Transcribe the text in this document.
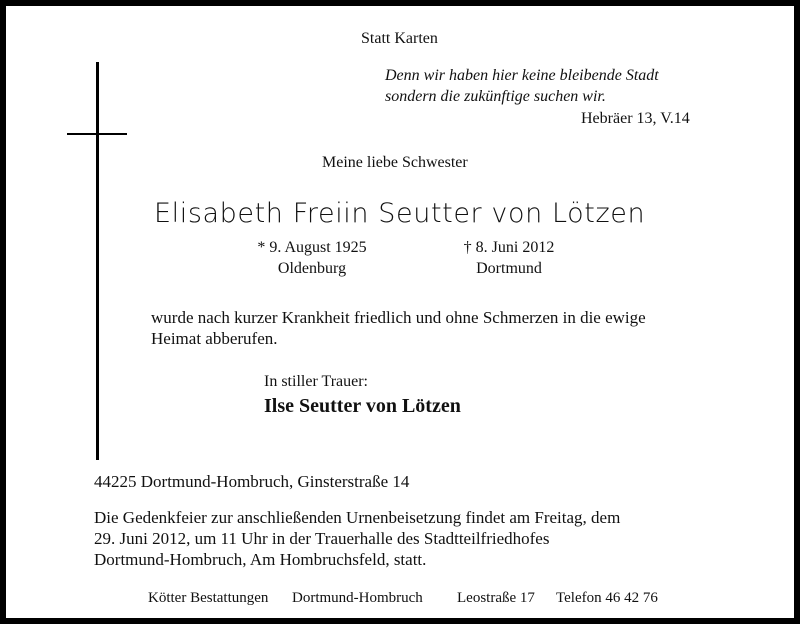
Statt Karten
Denn wir haben hier keine bleibende Stadt
sondern die zukünftige suchen wir.
Hebräer 13, V.14
Meine liebe Schwester
Elisabeth Freiin Seutter von Lötzen
* 9. August 1925
Oldenburg
† 8. Juni 2012
Dortmund
wurde nach kurzer Krankheit friedlich und ohne Schmerzen in die ewige
Heimat abberufen.
In stiller Trauer:
Ilse Seutter von Lötzen
44225 Dortmund-Hombruch, Ginsterstraße 14
Die Gedenkfeier zur anschließenden Urnenbeisetzung findet am Freitag, dem
29. Juni 2012, um 11 Uhr in der Trauerhalle des Stadtteilfriedhofes
Dortmund-Hombruch, Am Hombruchsfeld, statt.
Kötter Bestattungen Dortmund-Hombruch Leostraße 17 Telefon 46 42 76
